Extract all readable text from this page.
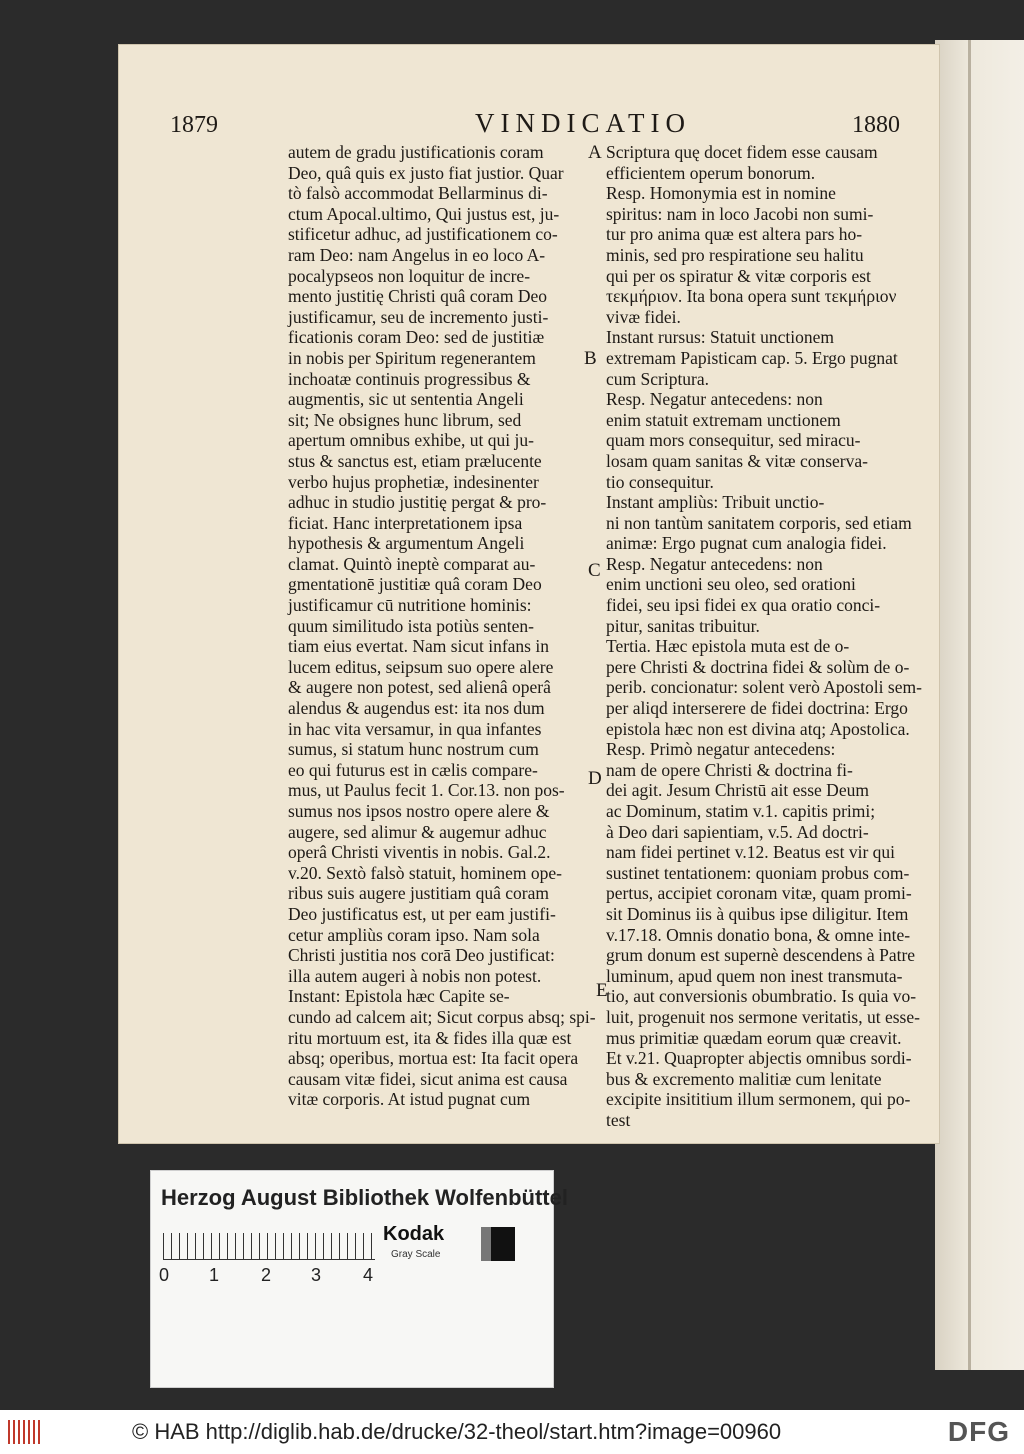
1879	VINDICATIO	1880
autem de gradu justificationis coram
Deo, quâ quis ex justo fiat justior. Quar
tò falsò accommodat Bellarminus di-
ctum Apocal.ultimo, Qui justus est, ju-
stificetur adhuc, ad justificationem co-
ram Deo: nam Angelus in eo loco A-
pocalypseos non loquitur de incre-
mento justitię Christi quâ coram Deo
justificamur, seu de incremento justi-
ficationis coram Deo: sed de justitiæ
in nobis per Spiritum regenerantem
inchoatæ continuis progressibus &
augmentis, sic ut sententia Angeli
sit; Ne obsignes hunc librum, sed
apertum omnibus exhibe, ut qui ju-
stus & sanctus est, etiam prælucente
verbo hujus prophetiæ, indesinenter
adhuc in studio justitię pergat & pro-
ficiat. Hanc interpretationem ipsa
hypothesis & argumentum Angeli
clamat. Quintò ineptè comparat au-
gmentationē justitiæ quâ coram Deo
justificamur cū nutritione hominis:
quum similitudo ista potiùs senten-
tiam eius evertat. Nam sicut infans in
lucem editus, seipsum suo opere alere
& augere non potest, sed alienâ operâ
alendus & augendus est: ita nos dum
in hac vita versamur, in qua infantes
sumus, si statum hunc nostrum cum
eo qui futurus est in cælis compare-
mus, ut Paulus fecit 1. Cor.13. non pos-
sumus nos ipsos nostro opere alere &
augere, sed alimur & augemur adhuc
operâ Christi viventis in nobis. Gal.2.
v.20. Sextò falsò statuit, hominem ope-
ribus suis augere justitiam quâ coram
Deo justificatus est, ut per eam justifi-
cetur ampliùs coram ipso. Nam sola
Christi justitia nos corā Deo justificat:
illa autem augeri à nobis non potest.
Instant: Epistola hæc Capite se-
cundo ad calcem ait; Sicut corpus absq; spi-
ritu mortuum est, ita & fides illa quæ est
absq; operibus, mortua est: Ita facit opera
causam vitæ fidei, sicut anima est causa
vitæ corporis. At istud pugnat cum
Scriptura quę docet fidem esse causam
efficientem operum bonorum.
Resp. Homonymia est in nomine
spiritus: nam in loco Jacobi non sumi-
tur pro anima quæ est altera pars ho-
minis, sed pro respiratione seu halitu
qui per os spiratur & vitæ corporis est
τεκμήριον. Ita bona opera sunt τεκμήριον
vivæ fidei.
Instant rursus: Statuit unctionem
extremam Papisticam cap. 5. Ergo pugnat
cum Scriptura.
Resp. Negatur antecedens: non
enim statuit extremam unctionem
quam mors consequitur, sed miracu-
losam quam sanitas & vitæ conserva-
tio consequitur.
Instant ampliùs: Tribuit unctio-
ni non tantùm sanitatem corporis, sed etiam
animæ: Ergo pugnat cum analogia fidei.
Resp. Negatur antecedens: non
enim unctioni seu oleo, sed orationi
fidei, seu ipsi fidei ex qua oratio conci-
pitur, sanitas tribuitur.
Tertia. Hæc epistola muta est de o-
pere Christi & doctrina fidei & solùm de o-
perib. concionatur: solent verò Apostoli sem-
per aliqd interserere de fidei doctrina: Ergo
epistola hæc non est divina atq; Apostolica.
Resp. Primò negatur antecedens:
nam de opere Christi & doctrina fi-
dei agit. Jesum Christū ait esse Deum
ac Dominum, statim v.1. capitis primi;
à Deo dari sapientiam, v.5. Ad doctri-
nam fidei pertinet v.12. Beatus est vir qui
sustinet tentationem: quoniam probus com-
pertus, accipiet coronam vitæ, quam promi-
sit Dominus iis à quibus ipse diligitur. Item
v.17.18. Omnis donatio bona, & omne inte-
grum donum est supernè descendens à Patre
luminum, apud quem non inest transmuta-
tio, aut conversionis obumbratio. Is quia vo-
luit, progenuit nos sermone veritatis, ut esse-
mus primitiæ quædam eorum quæ creavit.
Et v.21. Quapropter abjectis omnibus sordi-
bus & excremento malitiæ cum lenitate
excipite insititium illum sermonem, qui po-
test
A
B
C
D
E
Herzog August Bibliothek Wolfenbüttel
0 1 2 3 4
Kodak
Gray Scale
© HAB http://diglib.hab.de/drucke/32-theol/start.htm?image=00960	DFG
